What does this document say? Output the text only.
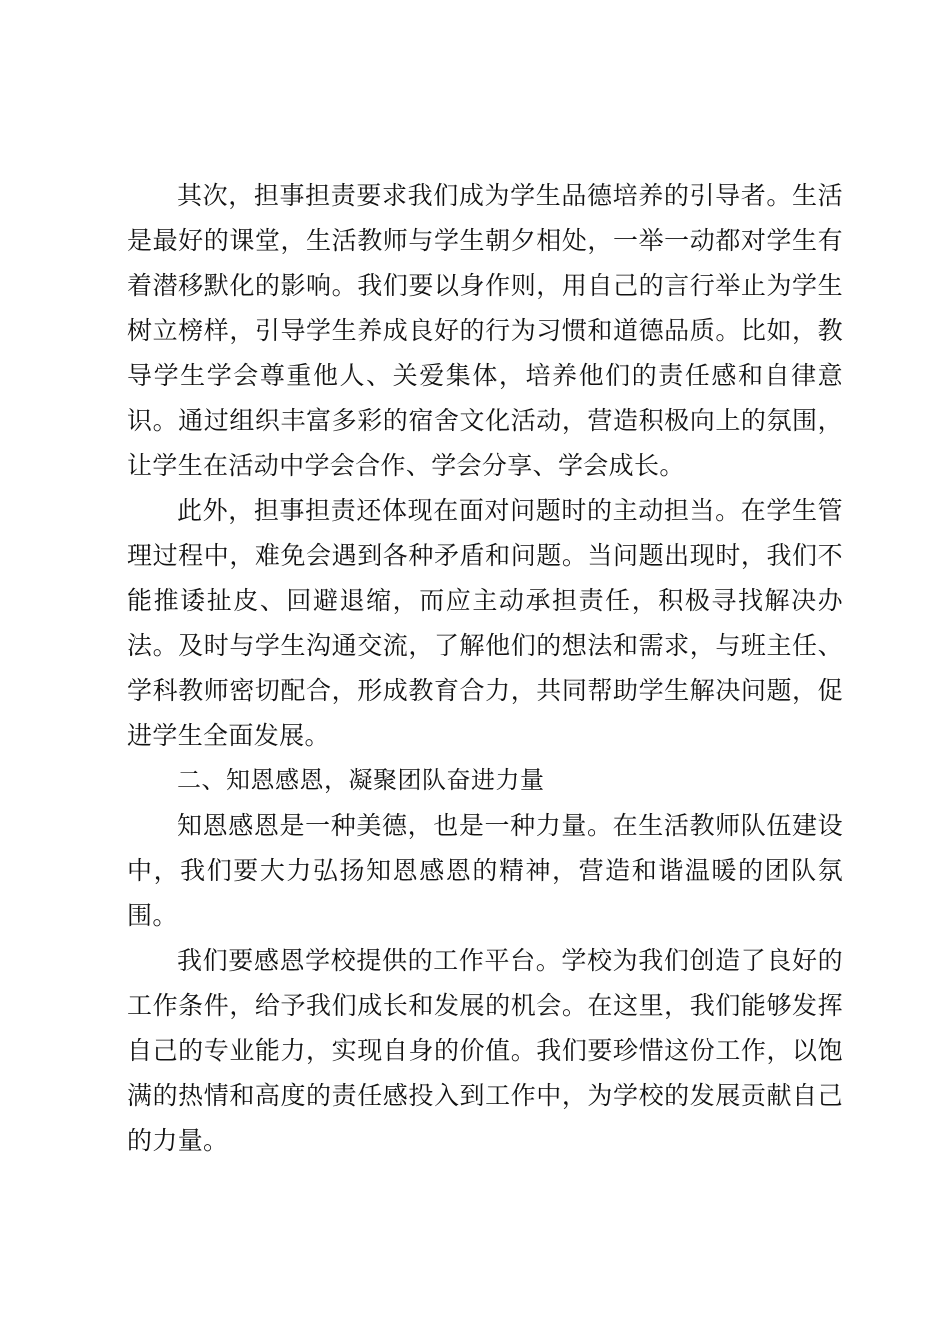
其次，担事担责要求我们成为学生品德培养的引导者。生活是最好的课堂，生活教师与学生朝夕相处，一举一动都对学生有着潜移默化的影响。我们要以身作则，用自己的言行举止为学生树立榜样，引导学生养成良好的行为习惯和道德品质。比如，教导学生学会尊重他人、关爱集体，培养他们的责任感和自律意识。通过组织丰富多彩的宿舍文化活动，营造积极向上的氛围，让学生在活动中学会合作、学会分享、学会成长。

此外，担事担责还体现在面对问题时的主动担当。在学生管理过程中，难免会遇到各种矛盾和问题。当问题出现时，我们不能推诿扯皮、回避退缩，而应主动承担责任，积极寻找解决办法。及时与学生沟通交流，了解他们的想法和需求，与班主任、学科教师密切配合，形成教育合力，共同帮助学生解决问题，促进学生全面发展。

二、知恩感恩，凝聚团队奋进力量

知恩感恩是一种美德，也是一种力量。在生活教师队伍建设中，我们要大力弘扬知恩感恩的精神，营造和谐温暖的团队氛围。

我们要感恩学校提供的工作平台。学校为我们创造了良好的工作条件，给予我们成长和发展的机会。在这里，我们能够发挥自己的专业能力，实现自身的价值。我们要珍惜这份工作，以饱满的热情和高度的责任感投入到工作中，为学校的发展贡献自己的力量。
